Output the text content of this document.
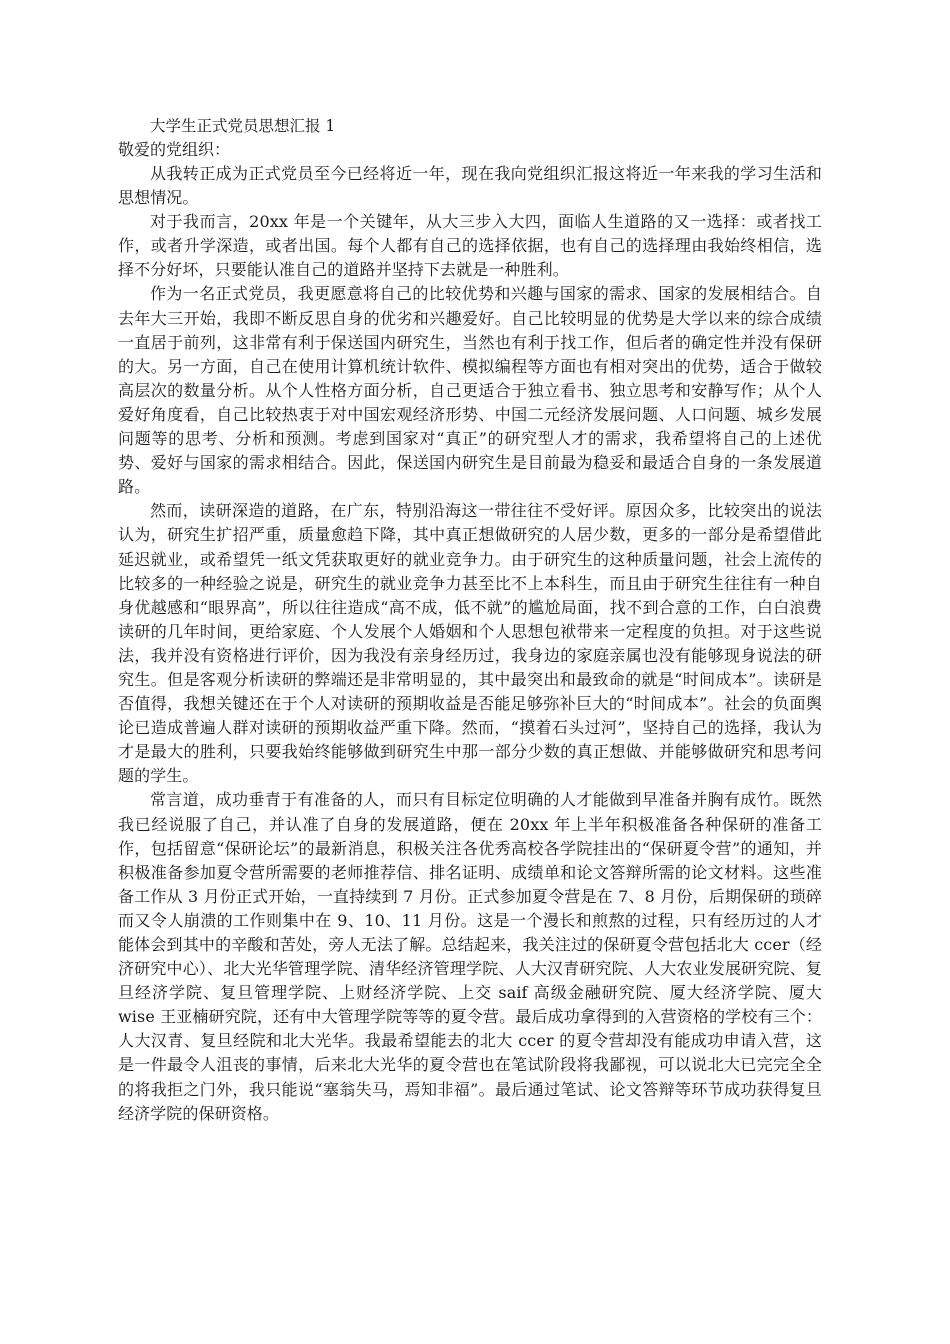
大学生正式党员思想汇报 1
敬爱的党组织：

从我转正成为正式党员至今已经将近一年，现在我向党组织汇报这将近一年来我的学习生活和思想情况。

对于我而言，20xx 年是一个关键年，从大三步入大四，面临人生道路的又一选择：或者找工作，或者升学深造，或者出国。每个人都有自己的选择依据，也有自己的选择理由我始终相信，选择不分好坏，只要能认准自己的道路并坚持下去就是一种胜利。

作为一名正式党员，我更愿意将自己的比较优势和兴趣与国家的需求、国家的发展相结合。自去年大三开始，我即不断反思自身的优劣和兴趣爱好。自己比较明显的优势是大学以来的综合成绩一直居于前列，这非常有利于保送国内研究生，当然也有利于找工作，但后者的确定性并没有保研的大。另一方面，自己在使用计算机统计软件、模拟编程等方面也有相对突出的优势，适合于做较高层次的数量分析。从个人性格方面分析，自己更适合于独立看书、独立思考和安静写作；从个人爱好角度看，自己比较热衷于对中国宏观经济形势、中国二元经济发展问题、人口问题、城乡发展问题等的思考、分析和预测。考虑到国家对“真正”的研究型人才的需求，我希望将自己的上述优势、爱好与国家的需求相结合。因此，保送国内研究生是目前最为稳妥和最适合自身的一条发展道路。

然而，读研深造的道路，在广东，特别沿海这一带往往不受好评。原因众多，比较突出的说法认为，研究生扩招严重，质量愈趋下降，其中真正想做研究的人居少数，更多的一部分是希望借此延迟就业，或希望凭一纸文凭获取更好的就业竞争力。由于研究生的这种质量问题，社会上流传的比较多的一种经验之说是，研究生的就业竞争力甚至比不上本科生，而且由于研究生往往有一种自身优越感和“眼界高”，所以往往造成“高不成，低不就”的尴尬局面，找不到合意的工作，白白浪费读研的几年时间，更给家庭、个人发展个人婚姻和个人思想包袱带来一定程度的负担。对于这些说法，我并没有资格进行评价，因为我没有亲身经历过，我身边的家庭亲属也没有能够现身说法的研究生。但是客观分析读研的弊端还是非常明显的，其中最突出和最致命的就是“时间成本”。读研是否值得，我想关键还在于个人对读研的预期收益是否能足够弥补巨大的“时间成本”。社会的负面舆论已造成普遍人群对读研的预期收益严重下降。然而，“摸着石头过河”，坚持自己的选择，我认为才是最大的胜利，只要我始终能够做到研究生中那一部分少数的真正想做、并能够做研究和思考问题的学生。

常言道，成功垂青于有准备的人，而只有目标定位明确的人才能做到早准备并胸有成竹。既然我已经说服了自己，并认准了自身的发展道路，便在 20xx 年上半年积极准备各种保研的准备工作，包括留意“保研论坛”的最新消息，积极关注各优秀高校各学院挂出的“保研夏令营”的通知，并积极准备参加夏令营所需要的老师推荐信、排名证明、成绩单和论文答辩所需的论文材料。这些准备工作从 3 月份正式开始，一直持续到 7 月份。正式参加夏令营是在 7、8 月份，后期保研的琐碎而又令人崩溃的工作则集中在 9、10、11 月份。这是一个漫长和煎熬的过程，只有经历过的人才能体会到其中的辛酸和苦处，旁人无法了解。总结起来，我关注过的保研夏令营包括北大 ccer（经济研究中心）、北大光华管理学院、清华经济管理学院、人大汉青研究院、人大农业发展研究院、复旦经济学院、复旦管理学院、上财经济学院、上交 saif 高级金融研究院、厦大经济学院、厦大 wise 王亚楠研究院，还有中大管理学院等等的夏令营。最后成功拿得到的入营资格的学校有三个：人大汉青、复旦经院和北大光华。我最希望能去的北大 ccer 的夏令营却没有能成功申请入营，这是一件最令人沮丧的事情，后来北大光华的夏令营也在笔试阶段将我鄙视，可以说北大已完完全全的将我拒之门外，我只能说“塞翁失马，焉知非福”。最后通过笔试、论文答辩等环节成功获得复旦经济学院的保研资格。
